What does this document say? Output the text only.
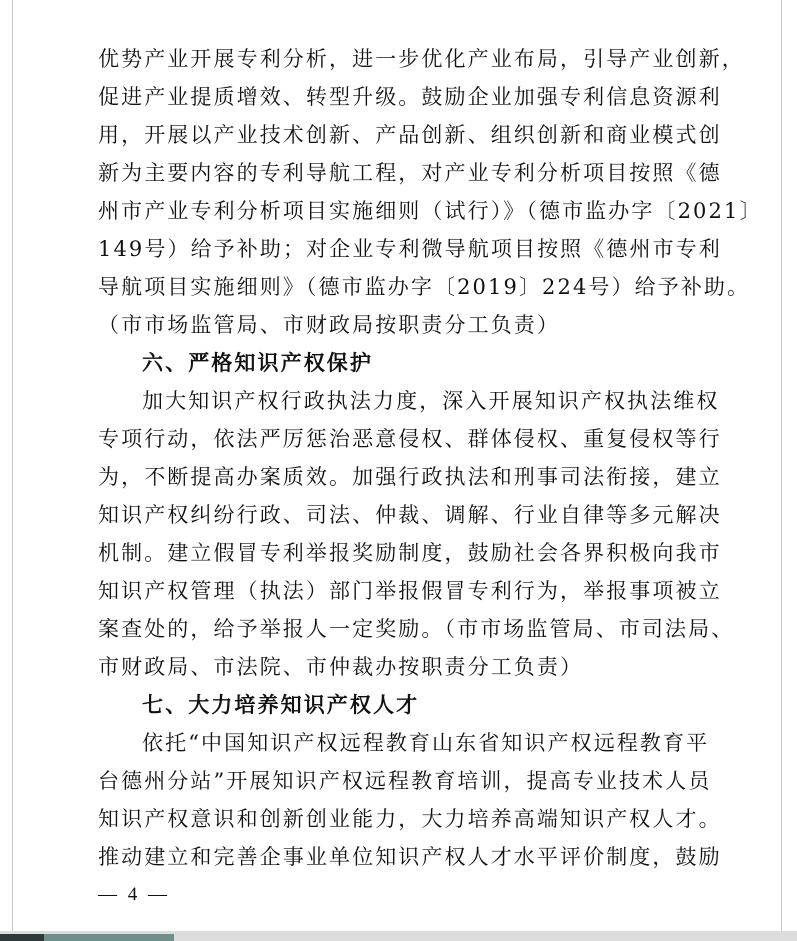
优势产业开展专利分析，进一步优化产业布局，引导产业创新，
促进产业提质增效、转型升级。鼓励企业加强专利信息资源利
用，开展以产业技术创新、产品创新、组织创新和商业模式创
新为主要内容的专利导航工程，对产业专利分析项目按照《德
州市产业专利分析项目实施细则（试行）》（德市监办字〔2021〕
149号）给予补助；对企业专利微导航项目按照《德州市专利
导航项目实施细则》（德市监办字〔2019〕224号）给予补助。
（市市场监管局、市财政局按职责分工负责）
六、严格知识产权保护
加大知识产权行政执法力度，深入开展知识产权执法维权
专项行动，依法严厉惩治恶意侵权、群体侵权、重复侵权等行
为，不断提高办案质效。加强行政执法和刑事司法衔接，建立
知识产权纠纷行政、司法、仲裁、调解、行业自律等多元解决
机制。建立假冒专利举报奖励制度，鼓励社会各界积极向我市
知识产权管理（执法）部门举报假冒专利行为，举报事项被立
案查处的，给予举报人一定奖励。（市市场监管局、市司法局、
市财政局、市法院、市仲裁办按职责分工负责）
七、大力培养知识产权人才
依托“中国知识产权远程教育山东省知识产权远程教育平
台德州分站”开展知识产权远程教育培训，提高专业技术人员
知识产权意识和创新创业能力，大力培养高端知识产权人才。
推动建立和完善企事业单位知识产权人才水平评价制度，鼓励
— 4 —
